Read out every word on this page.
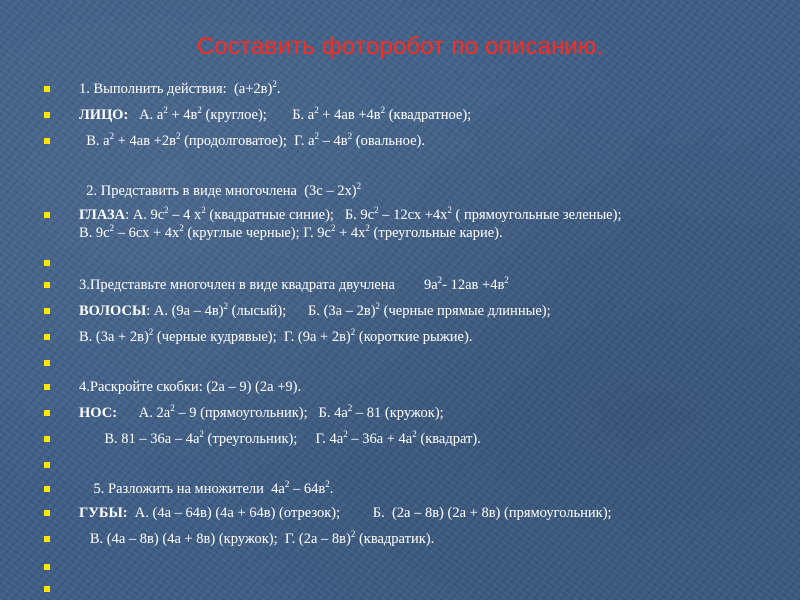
Составить фоторобот по описанию.
1. Выполнить действия:  $(а+2в)^2$.
ЛИЦО:   А. $а^2 + 4в^2$ (круглое);       Б. $а^2 + 4ав +4в^2$ (квадратное);
В. $а^2 + 4ав +2в^2$ (продолговатое);  Г. $а^2 - 4в^2$ (овальное).
2. Представить в виде многочлена  (3с – 2х)$^2$
ГЛАЗА: А. $9с^2 - 4$ $х^2$ (квадратные синие);   Б. $9с^2 - 12сх +4х^2$ ( прямоугольные зеленые);
В. $9с^2 - 6сх + 4х^2$ (круглые черные); Г. $9с^2 + 4х^2$ (треугольные карие).
3.Представьте многочлен в виде квадрата двучлена        $9а^2-$ $12ав +4в^2$
ВОЛОСЫ: А. (9а – 4в)$^2$ (лысый);      Б. (3а – 2в)$^2$ (черные прямые длинные);
В. $(3а + 2в)^2$ (черные кудрявые);  Г. $(9а + 2в)^2$ (короткие рыжие).
4.Раскройте скобки: (2а – 9) (2а +9).
НОС:      А. $2а^2 - 9$ (прямоугольник);   Б. $4а^2 - 81$ (кружок);
В. $81 - 36а - 4а^2$ (треугольник);     Г. $4а^2 - 36а + 4а^2$ (квадрат).
5. Разложить на множители  $4а^2 - 64в^2$.
ГУБЫ:  А. (4а – 64в) (4а + 64в) (отрезок);         Б.  (2а – 8в) (2а + 8в) (прямоугольник);
В. (4а – 8в) (4а + 8в) (кружок);  Г. (2а – 8в)$^2$ (квадратик).
